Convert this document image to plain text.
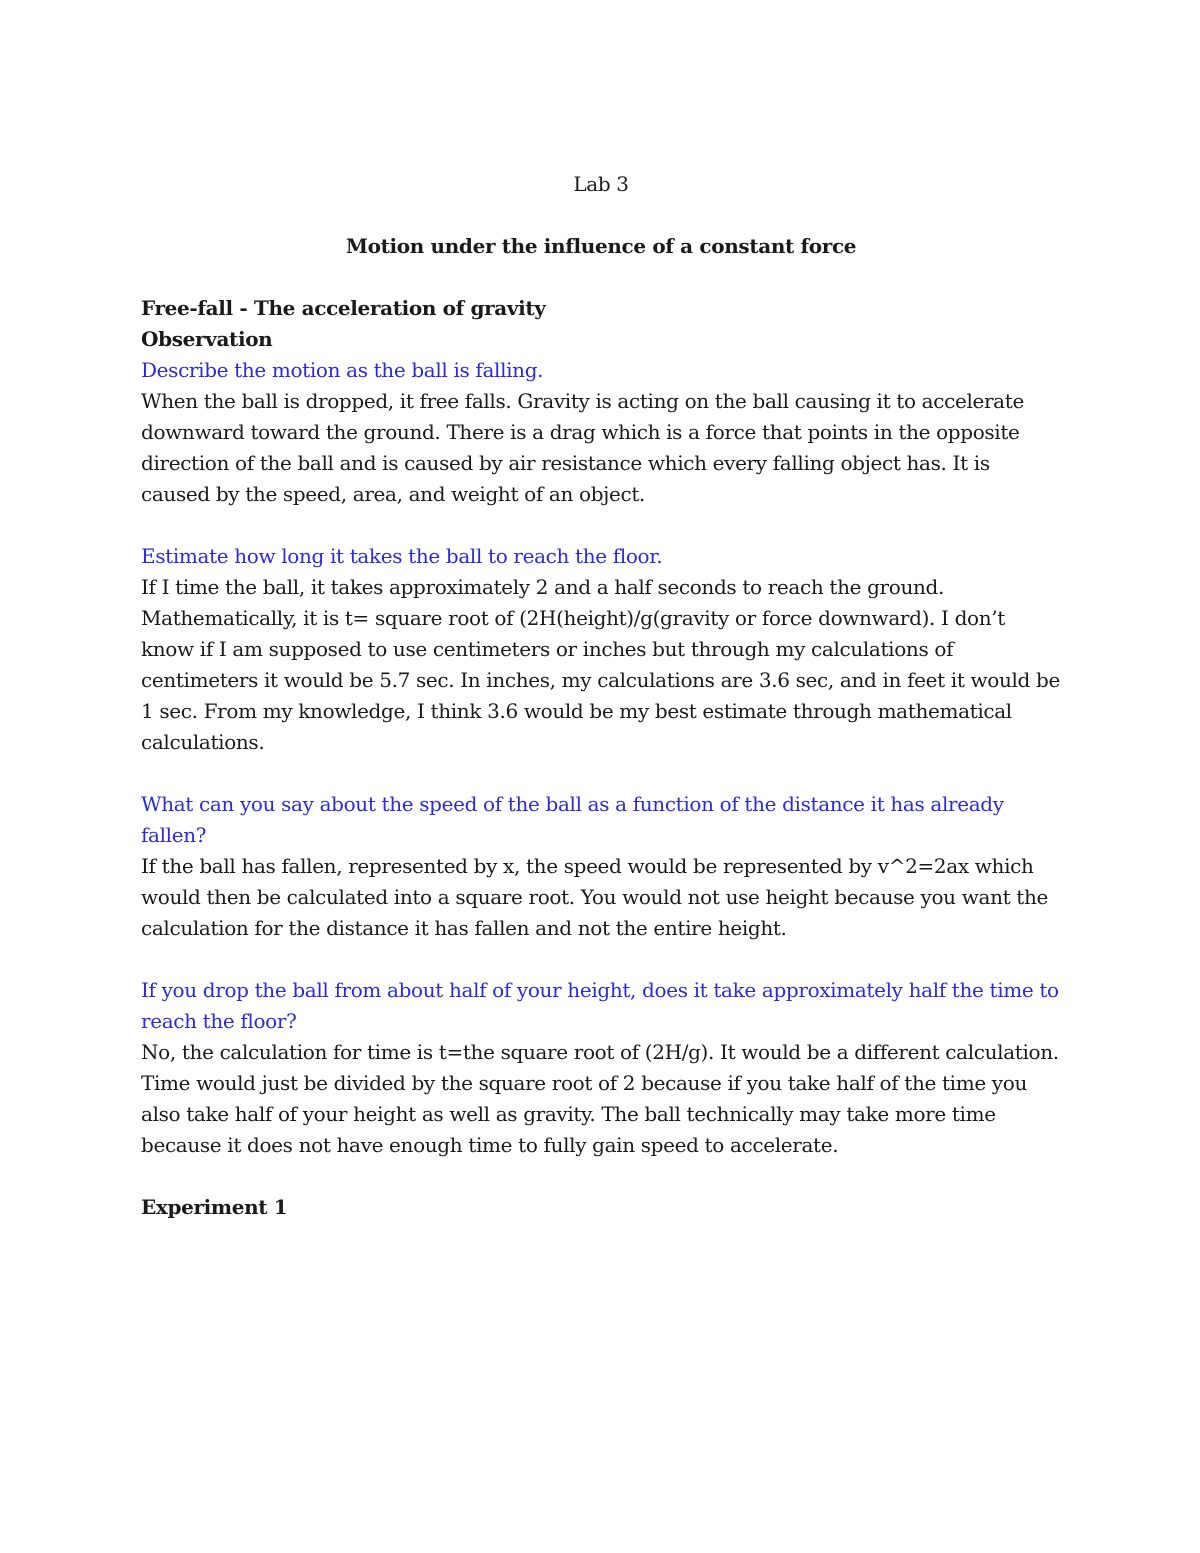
Lab 3

Motion under the influence of a constant force

Free-fall - The acceleration of gravity

Observation

Describe the motion as the ball is falling.

When the ball is dropped, it free falls. Gravity is acting on the ball causing it to accelerate downward toward the ground. There is a drag which is a force that points in the opposite direction of the ball and is caused by air resistance which every falling object has. It is caused by the speed, area, and weight of an object.

Estimate how long it takes the ball to reach the floor.

If I time the ball, it takes approximately 2 and a half seconds to reach the ground. Mathematically, it is t= square root of (2H(height)/g(gravity or force downward). I don’t know if I am supposed to use centimeters or inches but through my calculations of centimeters it would be 5.7 sec. In inches, my calculations are 3.6 sec, and in feet it would be 1 sec. From my knowledge, I think 3.6 would be my best estimate through mathematical calculations.

What can you say about the speed of the ball as a function of the distance it has already fallen?

If the ball has fallen, represented by x, the speed would be represented by v^2=2ax which would then be calculated into a square root. You would not use height because you want the calculation for the distance it has fallen and not the entire height.

If you drop the ball from about half of your height, does it take approximately half the time to reach the floor?

No, the calculation for time is t=the square root of (2H/g). It would be a different calculation. Time would just be divided by the square root of 2 because if you take half of the time you also take half of your height as well as gravity. The ball technically may take more time because it does not have enough time to fully gain speed to accelerate.

Experiment 1
